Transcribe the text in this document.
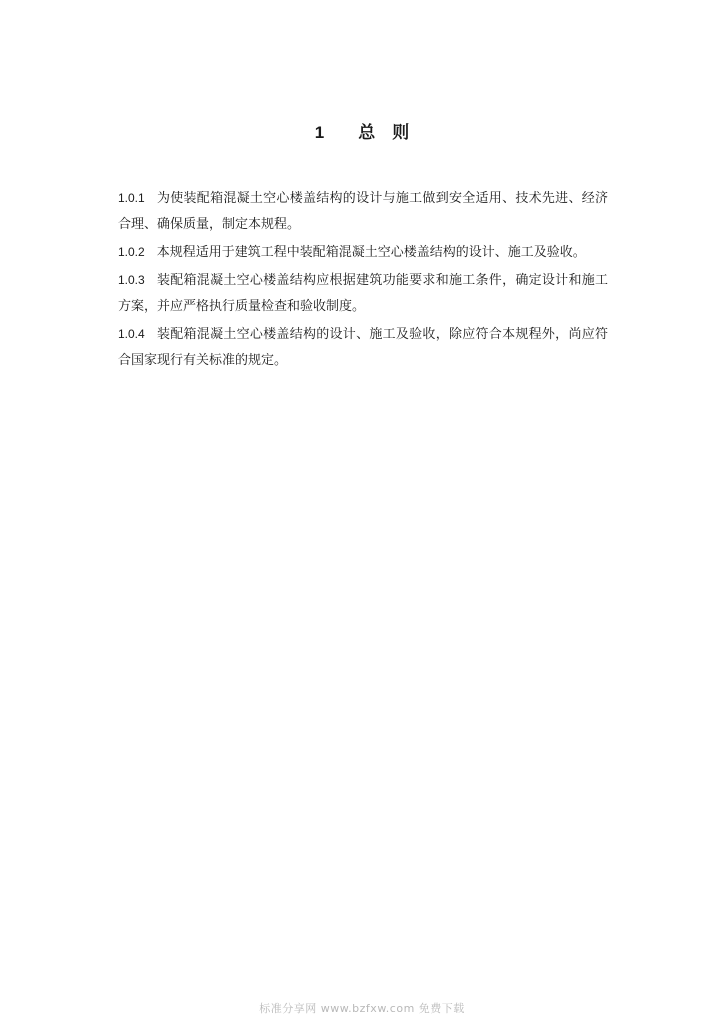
1　　 总　则

1.0.1 为使装配箱混凝土空心楼盖结构的设计与施工做到安全适用、技术先进、经济合理、确保质量，制定本规程。

1.0.2 本规程适用于建筑工程中装配箱混凝土空心楼盖结构的设计、施工及验收。

1.0.3 装配箱混凝土空心楼盖结构应根据建筑功能要求和施工条件，确定设计和施工方案，并应严格执行质量检查和验收制度。

1.0.4 装配箱混凝土空心楼盖结构的设计、施工及验收，除应符合本规程外，尚应符合国家现行有关标准的规定。

标准分享网 www.bzfxw.com 免费下载
